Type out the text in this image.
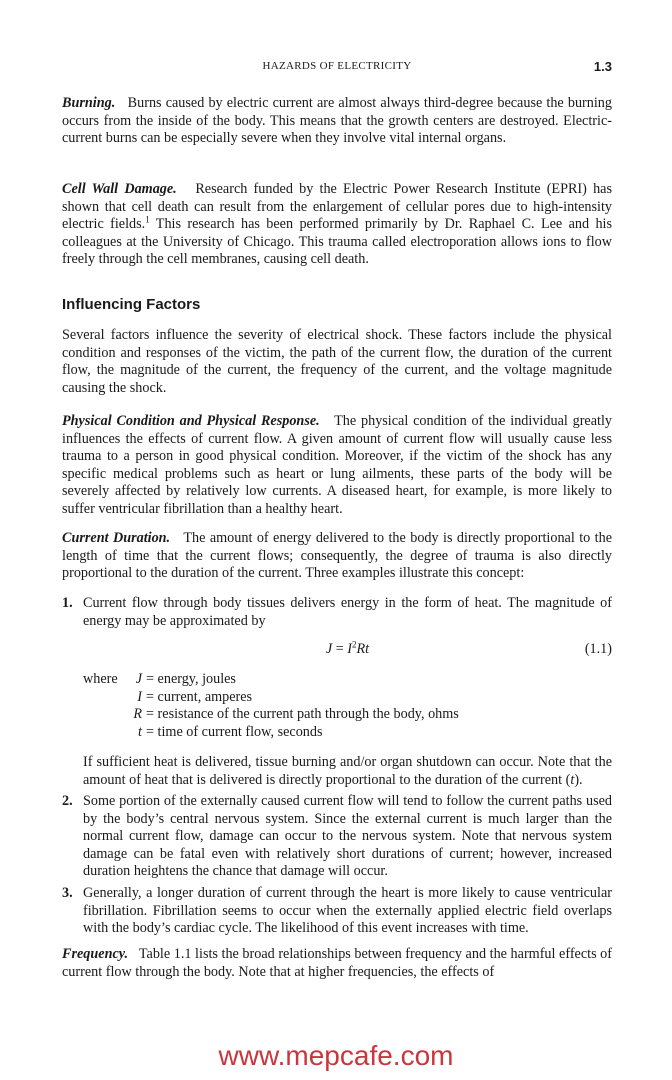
HAZARDS OF ELECTRICITY	1.3

Burning. Burns caused by electric current are almost always third-degree because the burning occurs from the inside of the body. This means that the growth centers are destroyed. Electric-current burns can be especially severe when they involve vital internal organs.

Cell Wall Damage. Research funded by the Electric Power Research Institute (EPRI) has shown that cell death can result from the enlargement of cellular pores due to high-intensity electric fields.$^1$ This research has been performed primarily by Dr. Raphael C. Lee and his colleagues at the University of Chicago. This trauma called electroporation allows ions to flow freely through the cell membranes, causing cell death.

Influencing Factors

Several factors influence the severity of electrical shock. These factors include the physical condition and responses of the victim, the path of the current flow, the duration of the current flow, the magnitude of the current, the frequency of the current, and the voltage magnitude causing the shock.

Physical Condition and Physical Response. The physical condition of the individual greatly influences the effects of current flow. A given amount of current flow will usually cause less trauma to a person in good physical condition. Moreover, if the victim of the shock has any specific medical problems such as heart or lung ailments, these parts of the body will be severely affected by relatively low currents. A diseased heart, for example, is more likely to suffer ventricular fibrillation than a healthy heart.

Current Duration. The amount of energy delivered to the body is directly proportional to the length of time that the current flows; consequently, the degree of trauma is also directly proportional to the duration of the current. Three examples illustrate this concept:

1. Current flow through body tissues delivers energy in the form of heat. The magnitude of energy may be approximated by

$J = I^2Rt$	(1.1)
where	J = energy, joules
I = current, amperes
R = resistance of the current path through the body, ohms
t = time of current flow, seconds

If sufficient heat is delivered, tissue burning and/or organ shutdown can occur. Note that the amount of heat that is delivered is directly proportional to the duration of the current (t).

2. Some portion of the externally caused current flow will tend to follow the current paths used by the body’s central nervous system. Since the external current is much larger than the normal current flow, damage can occur to the nervous system. Note that nervous system damage can be fatal even with relatively short durations of current; however, increased duration heightens the chance that damage will occur.

3. Generally, a longer duration of current through the heart is more likely to cause ventricular fibrillation. Fibrillation seems to occur when the externally applied electric field overlaps with the body’s cardiac cycle. The likelihood of this event increases with time.

Frequency. Table 1.1 lists the broad relationships between frequency and the harmful effects of current flow through the body. Note that at higher frequencies, the effects of

www.mepcafe.com
